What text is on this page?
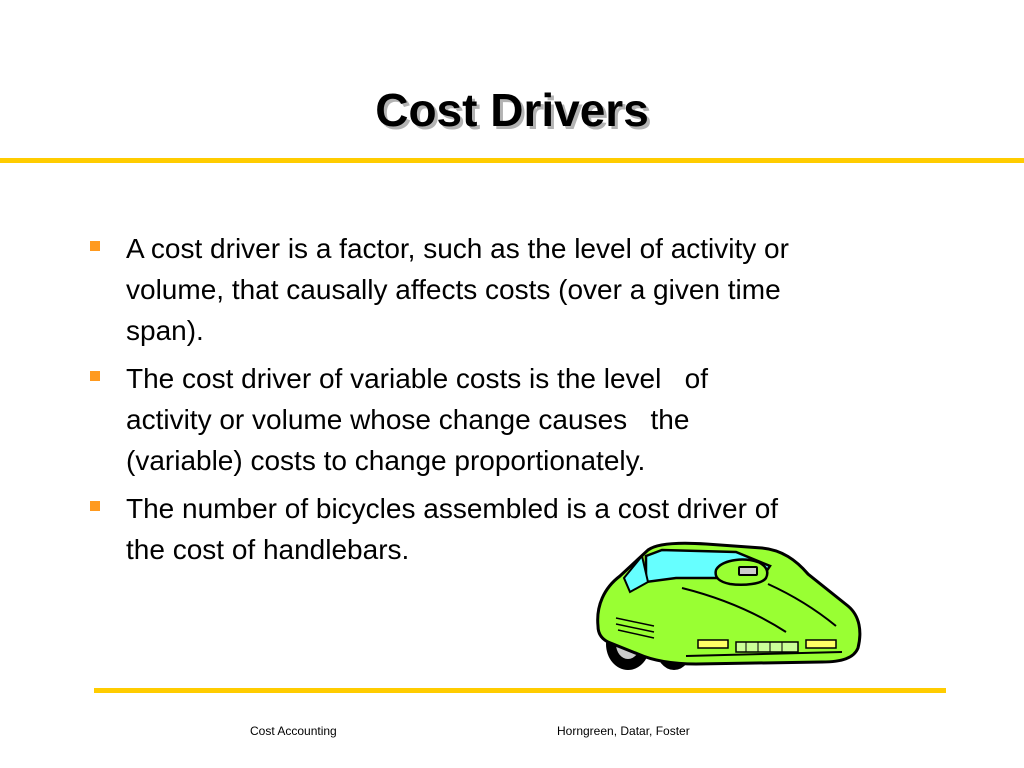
Cost Drivers
A cost driver is a factor, such as the level of activity or
volume, that causally affects costs (over a given time
span).
The cost driver of variable costs is the level   of
activity or volume whose change causes   the
(variable) costs to change proportionately.
The number of bicycles assembled is a cost driver of
the cost of handlebars.
Cost Accounting	Horngreen, Datar, Foster
